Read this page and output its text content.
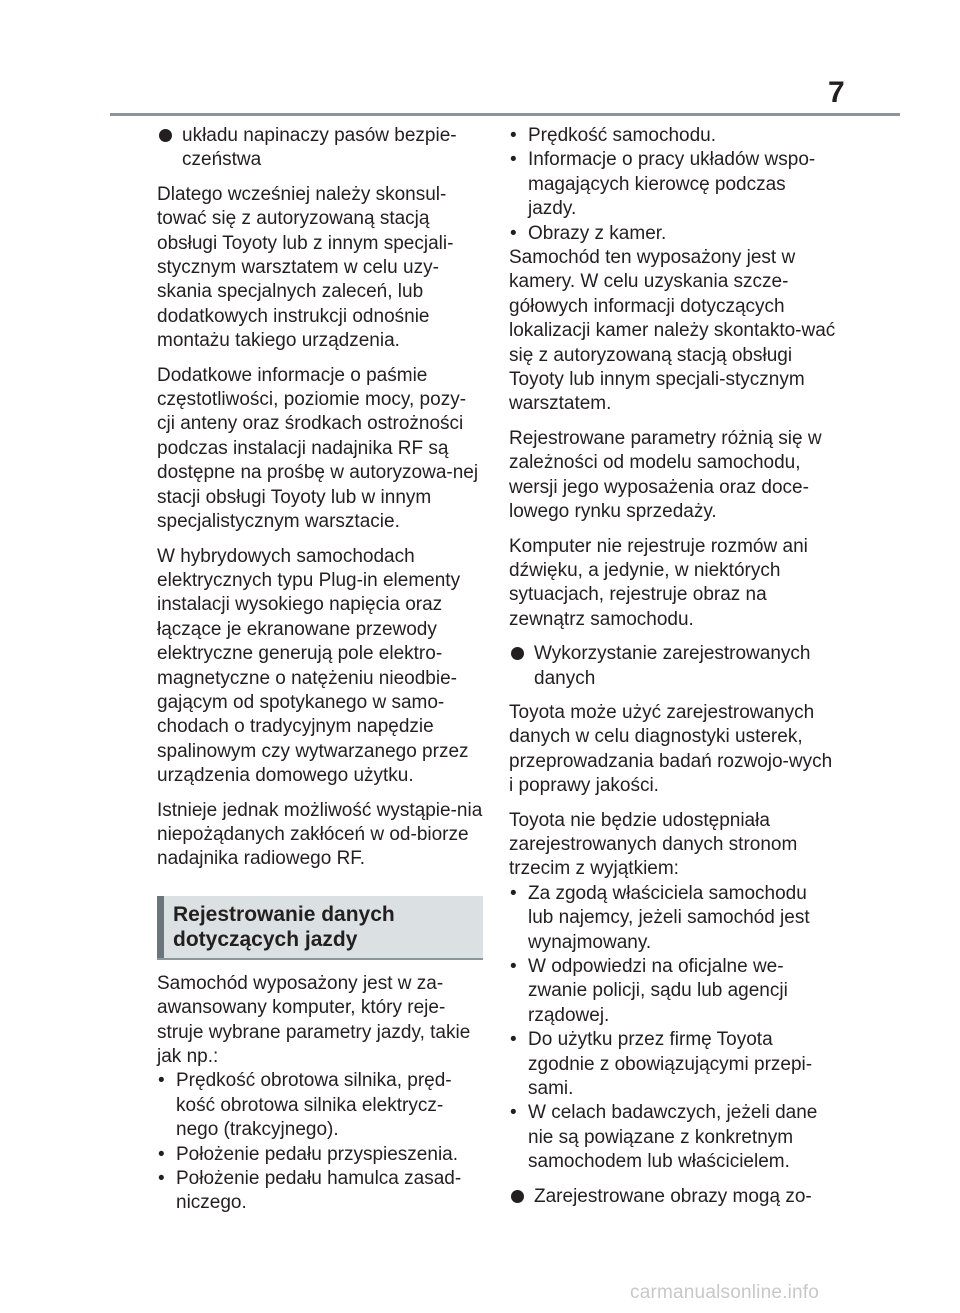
7
układu napinaczy pasów bezpie-czeństwa

Dlatego wcześniej należy skonsul-tować się z autoryzowaną stacją obsługi Toyoty lub z innym specjali-stycznym warsztatem w celu uzy-skania specjalnych zaleceń, lub dodatkowych instrukcji odnośnie montażu takiego urządzenia.

Dodatkowe informacje o paśmie częstotliwości, poziomie mocy, pozy-cji anteny oraz środkach ostrożności podczas instalacji nadajnika RF są dostępne na prośbę w autoryzowa-nej stacji obsługi Toyoty lub w innym specjalistycznym warsztacie.

W hybrydowych samochodach elektrycznych typu Plug-in elementy instalacji wysokiego napięcia oraz łączące je ekranowane przewody elektryczne generują pole elektro-magnetyczne o natężeniu nieodbie-gającym od spotykanego w samo-chodach o tradycyjnym napędzie spalinowym czy wytwarzanego przez urządzenia domowego użytku.

Istnieje jednak możliwość wystąpie-nia niepożądanych zakłóceń w od-biorze nadajnika radiowego RF.

Rejestrowanie danych dotyczących jazdy

Samochód wyposażony jest w za-awansowany komputer, który reje-struje wybrane parametry jazdy, takie jak np.:

• Prędkość obrotowa silnika, pręd-kość obrotowa silnika elektrycz-nego (trakcyjnego).
• Położenie pedału przyspieszenia.
• Położenie pedału hamulca zasad-niczego.
• Prędkość samochodu.
• Informacje o pracy układów wspo-magających kierowcę podczas jazdy.
• Obrazy z kamer.

Samochód ten wyposażony jest w kamery. W celu uzyskania szcze-gółowych informacji dotyczących lokalizacji kamer należy skontakto-wać się z autoryzowaną stacją obsługi Toyoty lub innym specjali-stycznym warsztatem.

Rejestrowane parametry różnią się w zależności od modelu samochodu, wersji jego wyposażenia oraz doce-lowego rynku sprzedaży.

Komputer nie rejestruje rozmów ani dźwięku, a jedynie, w niektórych sytuacjach, rejestruje obraz na zewnątrz samochodu.

Wykorzystanie zarejestrowanych danych

Toyota może użyć zarejestrowanych danych w celu diagnostyki usterek, przeprowadzania badań rozwojo-wych i poprawy jakości.

Toyota nie będzie udostępniała zarejestrowanych danych stronom trzecim z wyjątkiem:

• Za zgodą właściciela samochodu lub najemcy, jeżeli samochód jest wynajmowany.
• W odpowiedzi na oficjalne we-zwanie policji, sądu lub agencji rządowej.
• Do użytku przez firmę Toyota zgodnie z obowiązującymi przepi-sami.
• W celach badawczych, jeżeli dane nie są powiązane z konkretnym samochodem lub właścicielem.
Zarejestrowane obrazy mogą zo-
carmanualsonline.info
